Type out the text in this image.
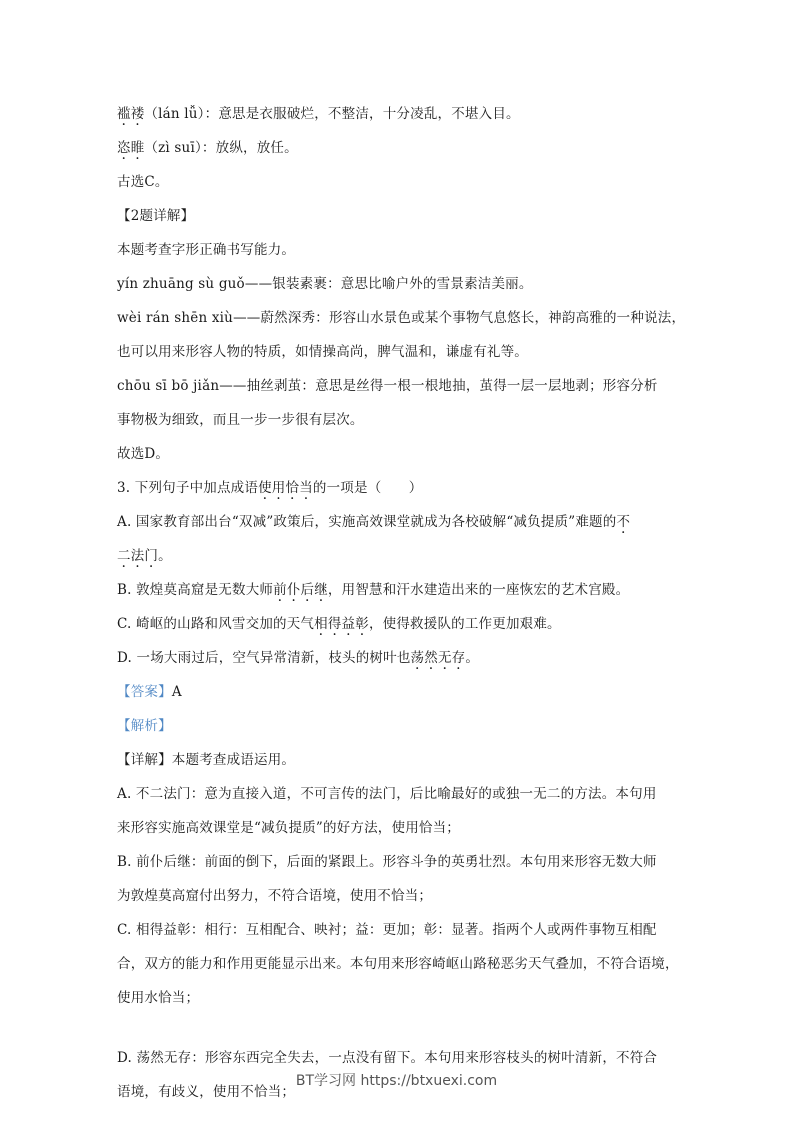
褴褛（lán lǚ）：意思是衣服破烂，不整洁，十分凌乱，不堪入目。
恣睢（zì suī）：放纵，放任。
古选C。
【2题详解】
本题考查字形正确书写能力。
yín zhuāng sù guǒ——银装素裹：意思比喻户外的雪景素洁美丽。
wèi rán shēn xiù——蔚然深秀：形容山水景色或某个事物气息悠长，神韵高雅的一种说法，
也可以用来形容人物的特质，如情操高尚，脾气温和，谦虚有礼等。
chōu sī bō jiǎn——抽丝剥茧：意思是丝得一根一根地抽，茧得一层一层地剥；形容分析
事物极为细致，而且一步一步很有层次。
故选D。
3. 下列句子中加点成语使用恰当的一项是（　　）
A. 国家教育部出台“双减”政策后，实施高效课堂就成为各校破解“减负提质”难题的不
二法门。
B. 敦煌莫高窟是无数大师前仆后继，用智慧和汗水建造出来的一座恢宏的艺术宫殿。
C. 崎岖的山路和风雪交加的天气相得益彰，使得救援队的工作更加艰难。
D. 一场大雨过后，空气异常清新，枝头的树叶也荡然无存。
【答案】A
【解析】
【详解】本题考查成语运用。
A. 不二法门：意为直接入道，不可言传的法门，后比喻最好的或独一无二的方法。本句用
来形容实施高效课堂是“减负提质”的好方法，使用恰当；
B. 前仆后继：前面的倒下，后面的紧跟上。形容斗争的英勇壮烈。本句用来形容无数大师
为敦煌莫高窟付出努力，不符合语境，使用不恰当；
C. 相得益彰：相行：互相配合、映衬；益：更加；彰：显著。指两个人或两件事物互相配
合，双方的能力和作用更能显示出来。本句用来形容崎岖山路秘恶劣天气叠加，不符合语境，
使用水恰当；
D. 荡然无存：形容东西完全失去，一点没有留下。本句用来形容枝头的树叶清新，不符合
语境，有歧义，使用不恰当；
BT学习网 https://btxuexi.com
